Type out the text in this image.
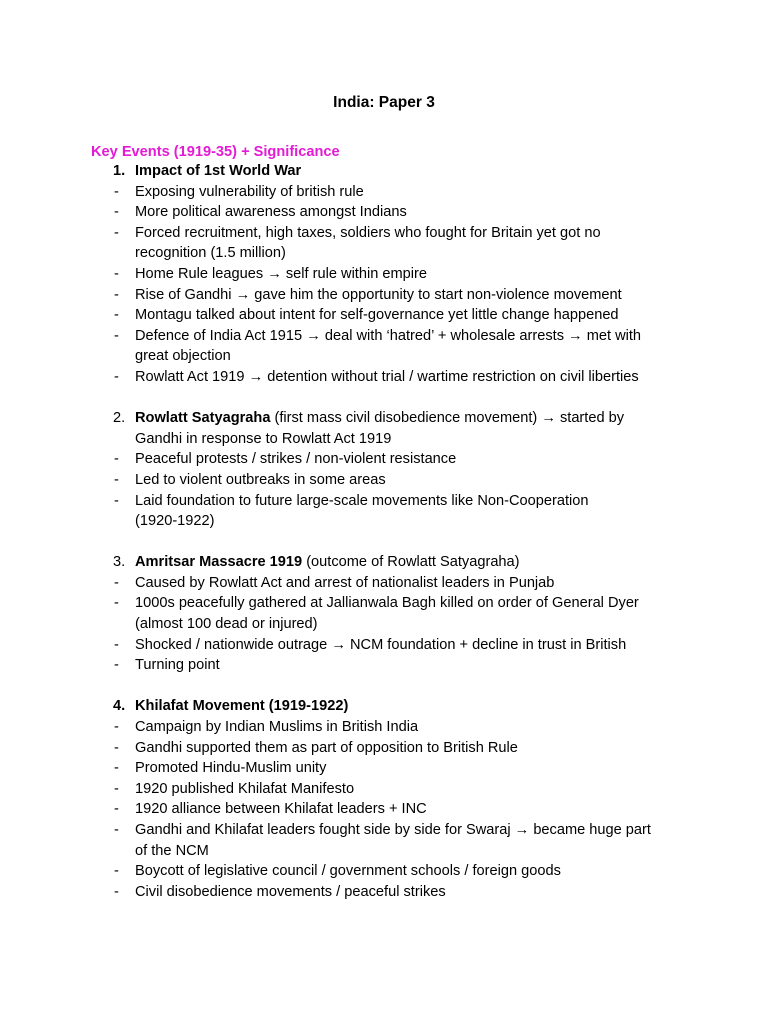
India: Paper 3
Key Events (1919-35) + Significance
1. Impact of 1st World War
- Exposing vulnerability of british rule
- More political awareness amongst Indians
- Forced recruitment, high taxes, soldiers who fought for Britain yet got no
recognition (1.5 million)
- Home Rule leagues → self rule within empire
- Rise of Gandhi → gave him the opportunity to start non-violence movement
- Montagu talked about intent for self-governance yet little change happened
- Defence of India Act 1915 → deal with ‘hatred’ + wholesale arrests → met with
great objection
- Rowlatt Act 1919 → detention without trial / wartime restriction on civil liberties
2. Rowlatt Satyagraha (first mass civil disobedience movement) → started by
Gandhi in response to Rowlatt Act 1919
- Peaceful protests / strikes / non-violent resistance
- Led to violent outbreaks in some areas
- Laid foundation to future large-scale movements like Non-Cooperation
(1920-1922)
3. Amritsar Massacre 1919 (outcome of Rowlatt Satyagraha)
- Caused by Rowlatt Act and arrest of nationalist leaders in Punjab
- 1000s peacefully gathered at Jallianwala Bagh killed on order of General Dyer
(almost 100 dead or injured)
- Shocked / nationwide outrage → NCM foundation + decline in trust in British
- Turning point
4. Khilafat Movement (1919-1922)
- Campaign by Indian Muslims in British India
- Gandhi supported them as part of opposition to British Rule
- Promoted Hindu-Muslim unity
- 1920 published Khilafat Manifesto
- 1920 alliance between Khilafat leaders + INC
- Gandhi and Khilafat leaders fought side by side for Swaraj → became huge part
of the NCM
- Boycott of legislative council / government schools / foreign goods
- Civil disobedience movements / peaceful strikes
